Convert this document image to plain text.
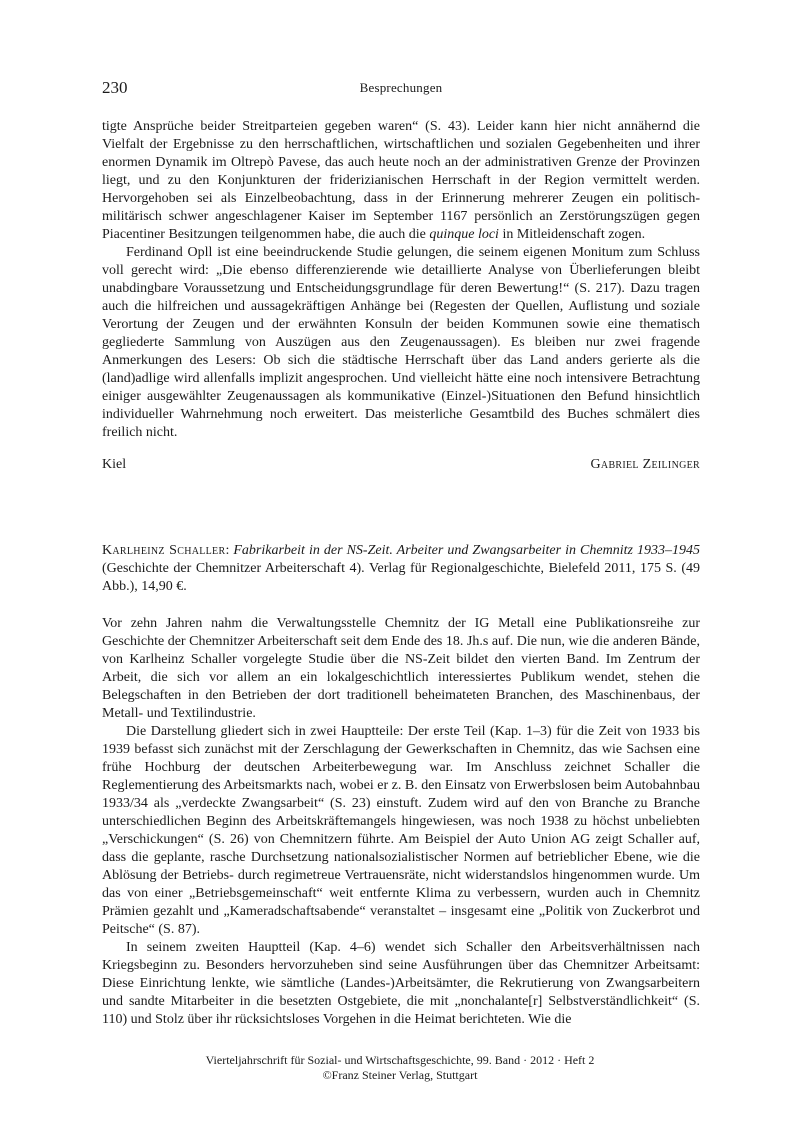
230	Besprechungen

tigte Ansprüche beider Streitparteien gegeben waren“ (S. 43). Leider kann hier nicht annähernd die Vielfalt der Ergebnisse zu den herrschaftlichen, wirtschaftlichen und sozialen Gegebenheiten und ihrer enormen Dynamik im Oltrepò Pavese, das auch heute noch an der administrativen Grenze der Provinzen liegt, und zu den Konjunkturen der friderizianischen Herrschaft in der Region vermittelt werden. Hervorgehoben sei als Einzelbeobachtung, dass in der Erinnerung mehrerer Zeugen ein politisch-militärisch schwer angeschlagener Kaiser im September 1167 persönlich an Zerstörungszügen gegen Piacentiner Besitzungen teilgenommen habe, die auch die quinque loci in Mitleidenschaft zogen.

Ferdinand Opll ist eine beeindruckende Studie gelungen, die seinem eigenen Monitum zum Schluss voll gerecht wird: „Die ebenso differenzierende wie detaillierte Analyse von Überlieferungen bleibt unabdingbare Voraussetzung und Entscheidungsgrundlage für deren Bewertung!“ (S. 217). Dazu tragen auch die hilfreichen und aussagekräftigen Anhänge bei (Regesten der Quellen, Auflistung und soziale Verortung der Zeugen und der erwähnten Konsuln der beiden Kommunen sowie eine thematisch gegliederte Sammlung von Auszügen aus den Zeugenaussagen). Es bleiben nur zwei fragende Anmerkungen des Lesers: Ob sich die städtische Herrschaft über das Land anders gerierte als die (land)adlige wird allenfalls implizit angesprochen. Und vielleicht hätte eine noch intensivere Betrachtung einiger ausgewählter Zeugenaussagen als kommunikative (Einzel-)Situationen den Befund hinsichtlich individueller Wahrnehmung noch erweitert. Das meisterliche Gesamtbild des Buches schmälert dies freilich nicht.

Kiel	Gabriel Zeilinger
Karlheinz Schaller: Fabrikarbeit in der NS-Zeit. Arbeiter und Zwangsarbeiter in Chemnitz 1933–1945 (Geschichte der Chemnitzer Arbeiterschaft 4). Verlag für Regionalgeschichte, Bielefeld 2011, 175 S. (49 Abb.), 14,90 €.

Vor zehn Jahren nahm die Verwaltungsstelle Chemnitz der IG Metall eine Publikationsreihe zur Geschichte der Chemnitzer Arbeiterschaft seit dem Ende des 18. Jh.s auf. Die nun, wie die anderen Bände, von Karlheinz Schaller vorgelegte Studie über die NS-Zeit bildet den vierten Band. Im Zentrum der Arbeit, die sich vor allem an ein lokalgeschichtlich interessiertes Publikum wendet, stehen die Belegschaften in den Betrieben der dort traditionell beheimateten Branchen, des Maschinenbaus, der Metall- und Textilindustrie.

Die Darstellung gliedert sich in zwei Hauptteile: Der erste Teil (Kap. 1–3) für die Zeit von 1933 bis 1939 befasst sich zunächst mit der Zerschlagung der Gewerkschaften in Chemnitz, das wie Sachsen eine frühe Hochburg der deutschen Arbeiterbewegung war. Im Anschluss zeichnet Schaller die Reglementierung des Arbeitsmarkts nach, wobei er z. B. den Einsatz von Erwerbslosen beim Autobahnbau 1933/34 als „verdeckte Zwangsarbeit“ (S. 23) einstuft. Zudem wird auf den von Branche zu Branche unterschiedlichen Beginn des Arbeitskräftemangels hingewiesen, was noch 1938 zu höchst unbeliebten „Verschickungen“ (S. 26) von Chemnitzern führte. Am Beispiel der Auto Union AG zeigt Schaller auf, dass die geplante, rasche Durchsetzung nationalsozialistischer Normen auf betrieblicher Ebene, wie die Ablösung der Betriebs- durch regimetreue Vertrauensräte, nicht widerstandslos hingenommen wurde. Um das von einer „Betriebsgemeinschaft“ weit entfernte Klima zu verbessern, wurden auch in Chemnitz Prämien gezahlt und „Kameradschaftsabende“ veranstaltet – insgesamt eine „Politik von Zuckerbrot und Peitsche“ (S. 87).

In seinem zweiten Hauptteil (Kap. 4–6) wendet sich Schaller den Arbeitsverhältnissen nach Kriegsbeginn zu. Besonders hervorzuheben sind seine Ausführungen über das Chemnitzer Arbeitsamt: Diese Einrichtung lenkte, wie sämtliche (Landes-)Arbeitsämter, die Rekrutierung von Zwangsarbeitern und sandte Mitarbeiter in die besetzten Ostgebiete, die mit „nonchalante[r] Selbstverständlichkeit“ (S. 110) und Stolz über ihr rücksichtsloses Vorgehen in die Heimat berichteten. Wie die

Vierteljahrschrift für Sozial- und Wirtschaftsgeschichte, 99. Band · 2012 · Heft 2
©Franz Steiner Verlag, Stuttgart
